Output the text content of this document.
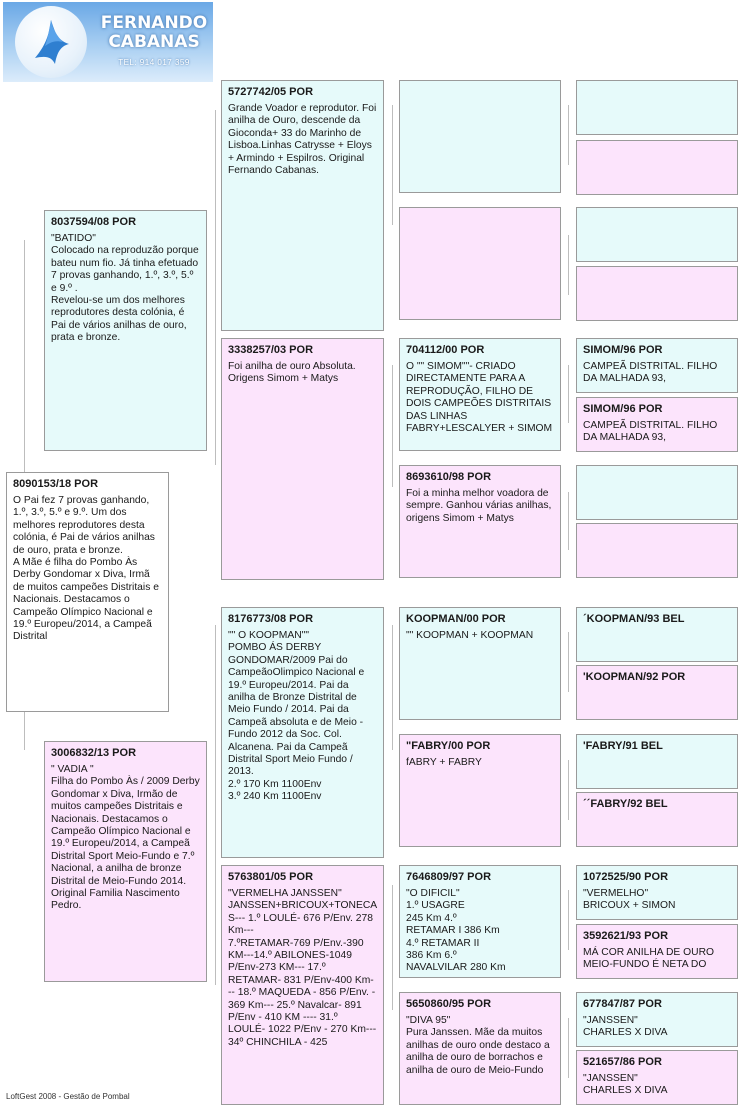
FERNANDO
CABANAS
TEL: 914 017 359
8090153/18 POR
O Pai fez 7 provas ganhando, 1.º, 3.º, 5.º e 9.º. Um dos melhores reprodutores desta colónia, é Pai de vários anilhas de ouro, prata e bronze.
A Mãe é filha do Pombo Às Derby Gondomar x Diva, Irmã de muitos campeões Distritais e Nacionais. Destacamos o Campeão Olímpico Nacional e 19.º Europeu/2014, a Campeã Distrital
8037594/08 POR
"BATIDO"
Colocado na reproduzão porque bateu num fio. Já tinha efetuado 7 provas ganhando, 1.º, 3.º, 5.º e 9.º .
Revelou-se um dos melhores reprodutores desta colónia, é Pai de vários anilhas de ouro, prata e bronze.
3006832/13 POR
" VADIA "
Filha do Pombo Às / 2009 Derby Gondomar x Diva, Irmão de muitos campeões Distritais e Nacionais. Destacamos o Campeão Olímpico Nacional e 19.º Europeu/2014, a Campeã Distrital Sport Meio-Fundo e 7.º Nacional, a anilha de bronze Distrital de Meio-Fundo 2014. Original Familia Nascimento Pedro.
5727742/05 POR
Grande Voador e reprodutor. Foi anilha de Ouro, descende da Gioconda+ 33 do Marinho de Lisboa.Linhas Catrysse + Eloys + Armindo + Espilros. Original Fernando Cabanas.
3338257/03 POR
Foi anilha de ouro Absoluta. Origens Simom + Matys
8176773/08 POR
"" O KOOPMAN""
POMBO ÁS DERBY GONDOMAR/2009 Pai do CampeãoOlimpico Nacional e 19.º Europeu/2014. Pai da anilha de Bronze Distrital de Meio Fundo / 2014. Pai da Campeã absoluta e de Meio - Fundo 2012 da Soc. Col. Alcanena. Pai da Campeã Distrital Sport Meio Fundo / 2013.
2.º 170 Km 1100Env
3.º 240 Km 1100Env
5763801/05 POR
"VERMELHA JANSSEN"
JANSSEN+BRICOUX+TONECA S--- 1.º LOULÉ- 676 P/Env. 278 Km---
7.ºRETAMAR-769 P/Env.-390 KM---14.º ABILONES-1049 P/Env-273 KM--- 17.º RETAMAR- 831 P/Env-400 Km--- 18.º MAQUEDA - 856 P/Env. - 369 Km--- 25.º Navalcar- 891 P/Env - 410 KM ---- 31.º LOULÉ- 1022 P/Env - 270 Km--- 34º CHINCHILA - 425
704112/00 POR
O "" SIMOM""- CRIADO DIRECTAMENTE PARA A REPRODUÇÃO, FILHO DE DOIS CAMPEÕES DISTRITAIS DAS LINHAS FABRY+LESCALYER + SIMOM
8693610/98 POR
Foi a minha melhor voadora de sempre. Ganhou várias anilhas, origens Simom + Matys
KOOPMAN/00 POR
"" KOOPMAN + KOOPMAN
"FABRY/00 POR
fABRY + FABRY
7646809/97 POR
"O DIFICIL"
1.º USAGRE
245 Km 4.º
RETAMAR I 386 Km
4.º RETAMAR II
386 Km 6.º
NAVALVILAR 280 Km
5650860/95 POR
"DIVA 95"
Pura Janssen. Mãe da muitos anilhas de ouro onde destaco a anilha de ouro de borrachos e anilha de ouro de Meio-Fundo
SIMOM/96 POR
CAMPEÃ DISTRITAL. FILHO DA MALHADA 93,
SIMOM/96 POR
CAMPEÃ DISTRITAL. FILHO DA MALHADA 93,
´KOOPMAN/93 BEL
'KOOPMAN/92 POR
'FABRY/91 BEL
´´FABRY/92 BEL
1072525/90 POR
"VERMELHO"
BRICOUX + SIMON
3592621/93 POR
MÁ COR ANILHA DE OURO MEIO-FUNDO É NETA DO
677847/87 POR
"JANSSEN"
CHARLES X DIVA
521657/86 POR
"JANSSEN"
CHARLES X DIVA
LoftGest 2008 - Gestão de Pombal
